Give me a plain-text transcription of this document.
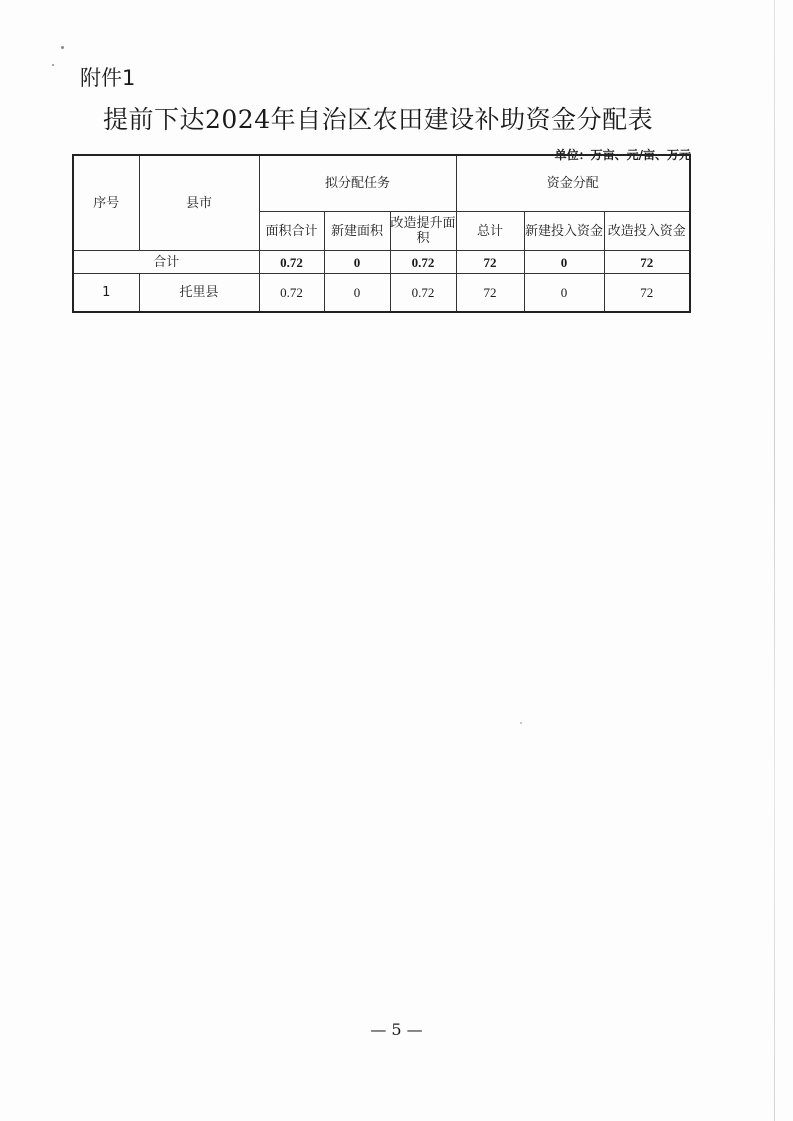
附件1
提前下达2024年自治区农田建设补助资金分配表
单位：万亩、元/亩、万元
序号	县市	拟分配任务			资金分配		
		面积合计	新建面积	改造提升面积	总计	新建投入资金	改造投入资金
合计		0.72	0	0.72	72	0	72
1	托里县	0.72	0	0.72	72	0	72
— 5 —
